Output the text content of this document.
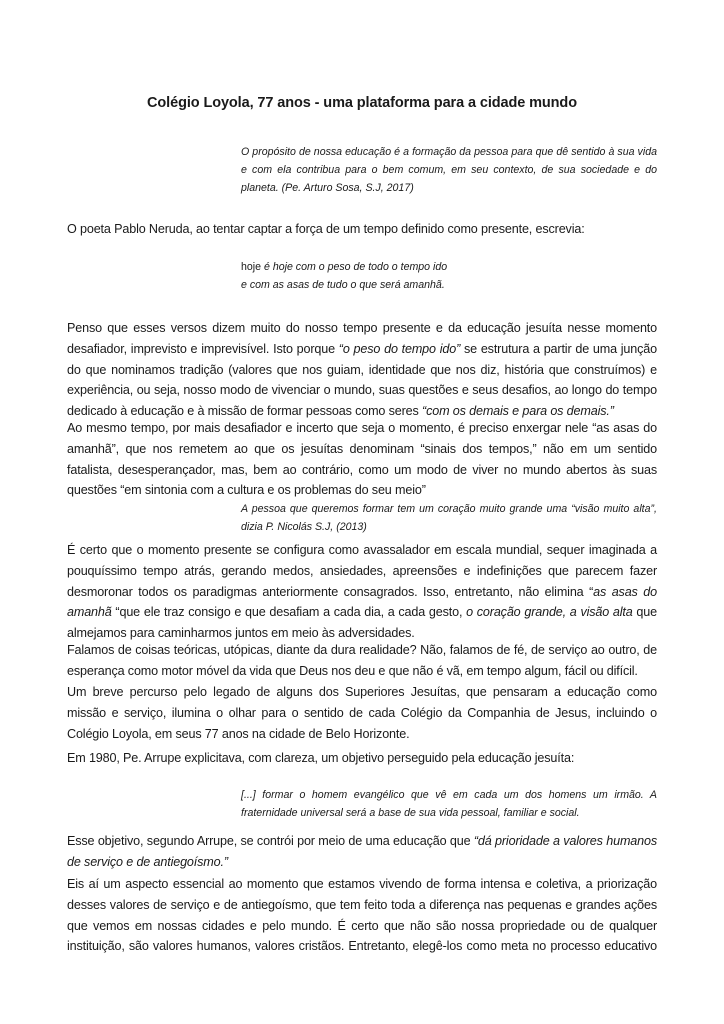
Colégio Loyola, 77 anos - uma plataforma para a cidade mundo
O propósito de nossa educação é a formação da pessoa para que dê sentido à sua vida e com ela contribua para o bem comum, em seu contexto, de sua sociedade e do planeta. (Pe. Arturo Sosa, S.J, 2017)
O poeta Pablo Neruda, ao tentar captar a força de um tempo definido como presente, escrevia:
hoje é hoje com o peso de todo o tempo ido
e com as asas de tudo o que será amanhã.
Penso que esses versos dizem muito do nosso tempo presente e da educação jesuíta nesse momento desafiador, imprevisto e imprevisível. Isto porque “o peso do tempo ido” se estrutura a partir de uma junção do que nominamos tradição (valores que nos guiam, identidade que nos diz, história que construímos) e experiência, ou seja, nosso modo de vivenciar o mundo, suas questões e seus desafios, ao longo do tempo dedicado à educação e à missão de formar pessoas como seres “com os demais e para os demais.”
Ao mesmo tempo, por mais desafiador e incerto que seja o momento, é preciso enxergar nele “as asas do amanhã”, que nos remetem ao que os jesuítas denominam “sinais dos tempos,” não em um sentido fatalista, desesperançador, mas, bem ao contrário, como um modo de viver no mundo abertos às suas questões “em sintonia com a cultura e os problemas do seu meio”
A pessoa que queremos formar tem um coração muito grande uma “visão muito alta”, dizia P. Nicolás S.J, (2013)
É certo que o momento presente se configura como avassalador em escala mundial, sequer imaginada a pouquíssimo tempo atrás, gerando medos, ansiedades, apreensões e indefinições que parecem fazer desmoronar todos os paradigmas anteriormente consagrados. Isso, entretanto, não elimina “as asas do amanhã “que ele traz consigo e que desafiam a cada dia, a cada gesto, o coração grande, a visão alta que almejamos para caminharmos juntos em meio às adversidades.
Falamos de coisas teóricas, utópicas, diante da dura realidade? Não, falamos de fé, de serviço ao outro, de esperança como motor móvel da vida que Deus nos deu e que não é vã, em tempo algum, fácil ou difícil.
Um breve percurso pelo legado de alguns dos Superiores Jesuítas, que pensaram a educação como missão e serviço, ilumina o olhar para o sentido de cada Colégio da Companhia de Jesus, incluindo o Colégio Loyola, em seus 77 anos na cidade de Belo Horizonte.
Em 1980, Pe. Arrupe explicitava, com clareza, um objetivo perseguido pela educação jesuíta:
[...] formar o homem evangélico que vê em cada um dos homens um irmão. A fraternidade universal será a base de sua vida pessoal, familiar e social.
Esse objetivo, segundo Arrupe, se contrói por meio de uma educação que “dá prioridade a valores humanos de serviço e de antiegoísmo.”
Eis aí um aspecto essencial ao momento que estamos vivendo de forma intensa e coletiva, a priorização desses valores de serviço e de antiegoísmo, que tem feito toda a diferença nas pequenas e grandes ações que vemos em nossas cidades e pelo mundo. É certo que não são nossa propriedade ou de qualquer instituição, são valores humanos, valores cristãos. Entretanto, elegê-los como meta no processo educativo
